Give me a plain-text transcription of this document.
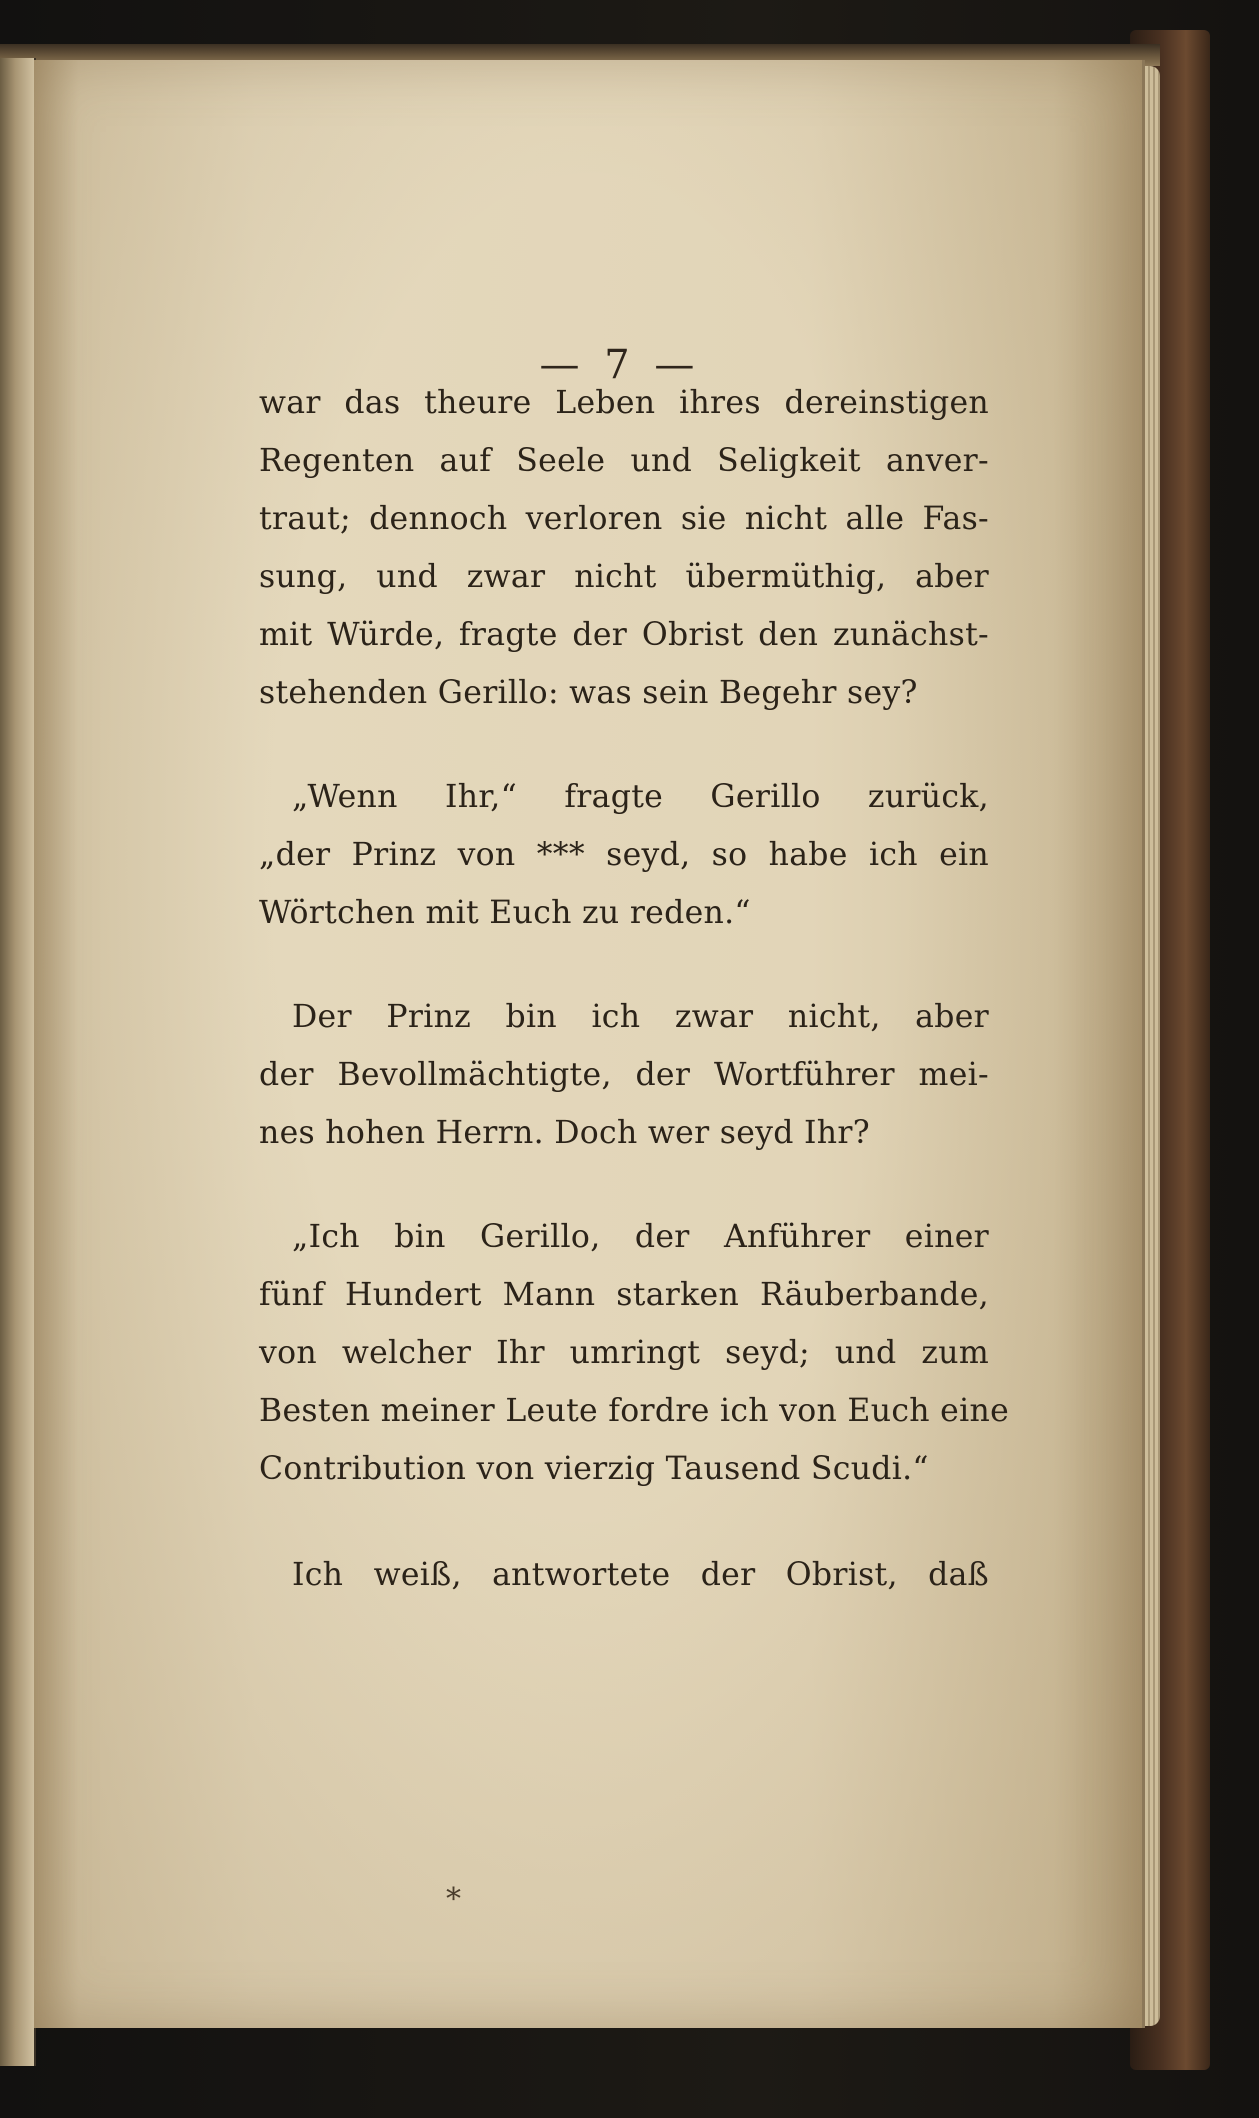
— 7 —
war das theure Leben ihres dereinstigen
Regenten auf Seele und Seligkeit anver-
traut; dennoch verloren sie nicht alle Fas-
sung, und zwar nicht übermüthig, aber
mit Würde, fragte der Obrist den zunächst-
stehenden Gerillo: was sein Begehr sey?
„Wenn Ihr,“ fragte Gerillo zurück,
„der Prinz von *** seyd, so habe ich ein
Wörtchen mit Euch zu reden.“
Der Prinz bin ich zwar nicht, aber
der Bevollmächtigte, der Wortführer mei-
nes hohen Herrn. Doch wer seyd Ihr?
„Ich bin Gerillo, der Anführer einer
fünf Hundert Mann starken Räuberbande,
von welcher Ihr umringt seyd; und zum
Besten meiner Leute fordre ich von Euch eine
Contribution von vierzig Tausend Scudi.“
Ich weiß, antwortete der Obrist, daß
*
